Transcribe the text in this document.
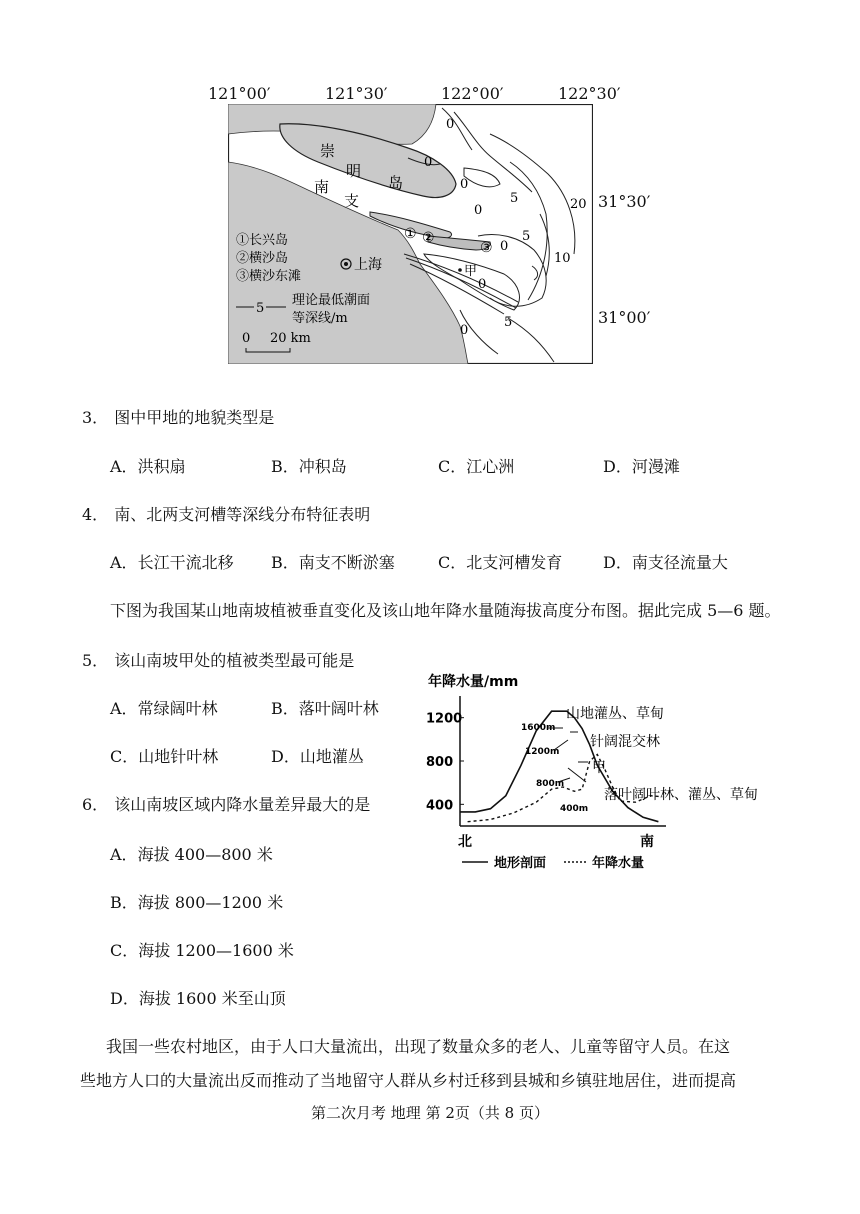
121°00′	121°30′	122°00′	122°30′
崇
明
岛
南
支
上海	甲
① ②
③
0
0
0
5	20
0
0
5
10
0
0
5
①长兴岛
②横沙岛
③横沙东滩
5
理论最低潮面
等深线/m
0 20 km
31°30′
31°00′
3． 图中甲地的地貌类型是
A．洪积扇	B．冲积岛	C．江心洲	D．河漫滩
4． 南、北两支河槽等深线分布特征表明
A．长江干流北移 B．南支不断淤塞	C．北支河槽发育	D．南支径流量大
下图为我国某山地南坡植被垂直变化及该山地年降水量随海拔高度分布图。据此完成 5—6 题。
5． 该山南坡甲处的植被类型最可能是
A．常绿阔叶林	B．落叶阔叶林
C．山地针叶林	D．山地灌丛
6． 该山南坡区域内降水量差异最大的是
A．海拔 400—800 米
B．海拔 800—1200 米
C．海拔 1200—1600 米
D．海拔 1600 米至山顶
年降水量/mm
400
800
1200
1600m
1200m
800m
400m
山地灌丛、草甸
针阔混交林
甲
落叶阔叶林、灌丛、草甸
北	南
地形剖面	年降水量
我国一些农村地区，由于人口大量流出，出现了数量众多的老人、儿童等留守人员。在这
些地方人口的大量流出反而推动了当地留守人群从乡村迁移到县城和乡镇驻地居住，进而提高
第二次月考 地理 第 2页（共 8 页）
